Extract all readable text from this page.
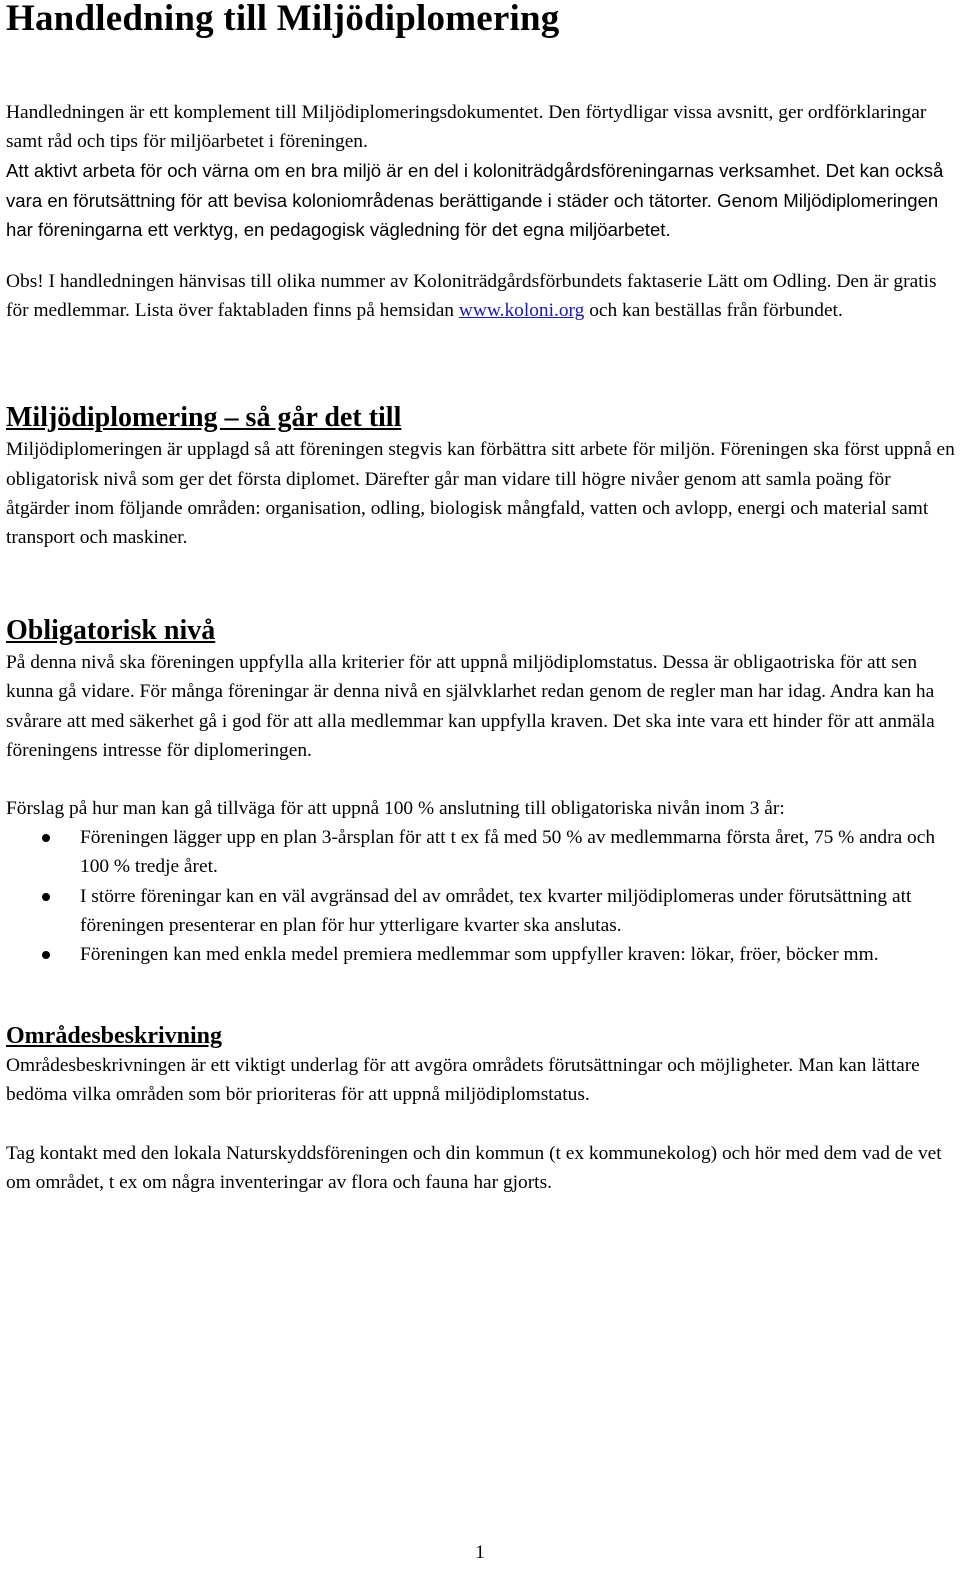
Handledning till Miljödiplomering

Handledningen är ett komplement till Miljödiplomeringsdokumentet. Den förtydligar vissa avsnitt, ger ordförklaringar samt råd och tips för miljöarbetet i föreningen.

Att aktivt arbeta för och värna om en bra miljö är en del i koloniträdgårdsföreningarnas verksamhet. Det kan också vara en förutsättning för att bevisa koloniområdenas berättigande i städer och tätorter. Genom Miljödiplomeringen har föreningarna ett verktyg, en pedagogisk vägledning för det egna miljöarbetet.

Obs! I handledningen hänvisas till olika nummer av Koloniträdgårdsförbundets faktaserie Lätt om Odling. Den är gratis för medlemmar. Lista över faktabladen finns på hemsidan www.koloni.org och kan beställas från förbundet.

Miljödiplomering – så går det till

Miljödiplomeringen är upplagd så att föreningen stegvis kan förbättra sitt arbete för miljön. Föreningen ska först uppnå en obligatorisk nivå som ger det första diplomet. Därefter går man vidare till högre nivåer genom att samla poäng för åtgärder inom följande områden: organisation, odling, biologisk mångfald, vatten och avlopp, energi och material samt transport och maskiner.

Obligatorisk nivå

På denna nivå ska föreningen uppfylla alla kriterier för att uppnå miljödiplomstatus. Dessa är obligaotriska för att sen kunna gå vidare. För många föreningar är denna nivå en självklarhet redan genom de regler man har idag. Andra kan ha svårare att med säkerhet gå i god för att alla medlemmar kan uppfylla kraven. Det ska inte vara ett hinder för att anmäla föreningens intresse för diplomeringen.

Förslag på hur man kan gå tillväga för att uppnå 100 % anslutning till obligatoriska nivån inom 3 år:

Föreningen lägger upp en plan 3-årsplan för att t ex få med 50 % av medlemmarna första året, 75 % andra och 100 % tredje året.
I större föreningar kan en väl avgränsad del av området, tex kvarter miljödiplomeras under förutsättning att föreningen presenterar en plan för hur ytterligare kvarter ska anslutas.
Föreningen kan med enkla medel premiera medlemmar som uppfyller kraven: lökar, fröer, böcker mm.
Områdesbeskrivning

Områdesbeskrivningen är ett viktigt underlag för att avgöra områdets förutsättningar och möjligheter. Man kan lättare bedöma vilka områden som bör prioriteras för att uppnå miljödiplomstatus.

Tag kontakt med den lokala Naturskyddsföreningen och din kommun (t ex kommunekolog) och hör med dem vad de vet om området, t ex om några inventeringar av flora och fauna har gjorts.

1
